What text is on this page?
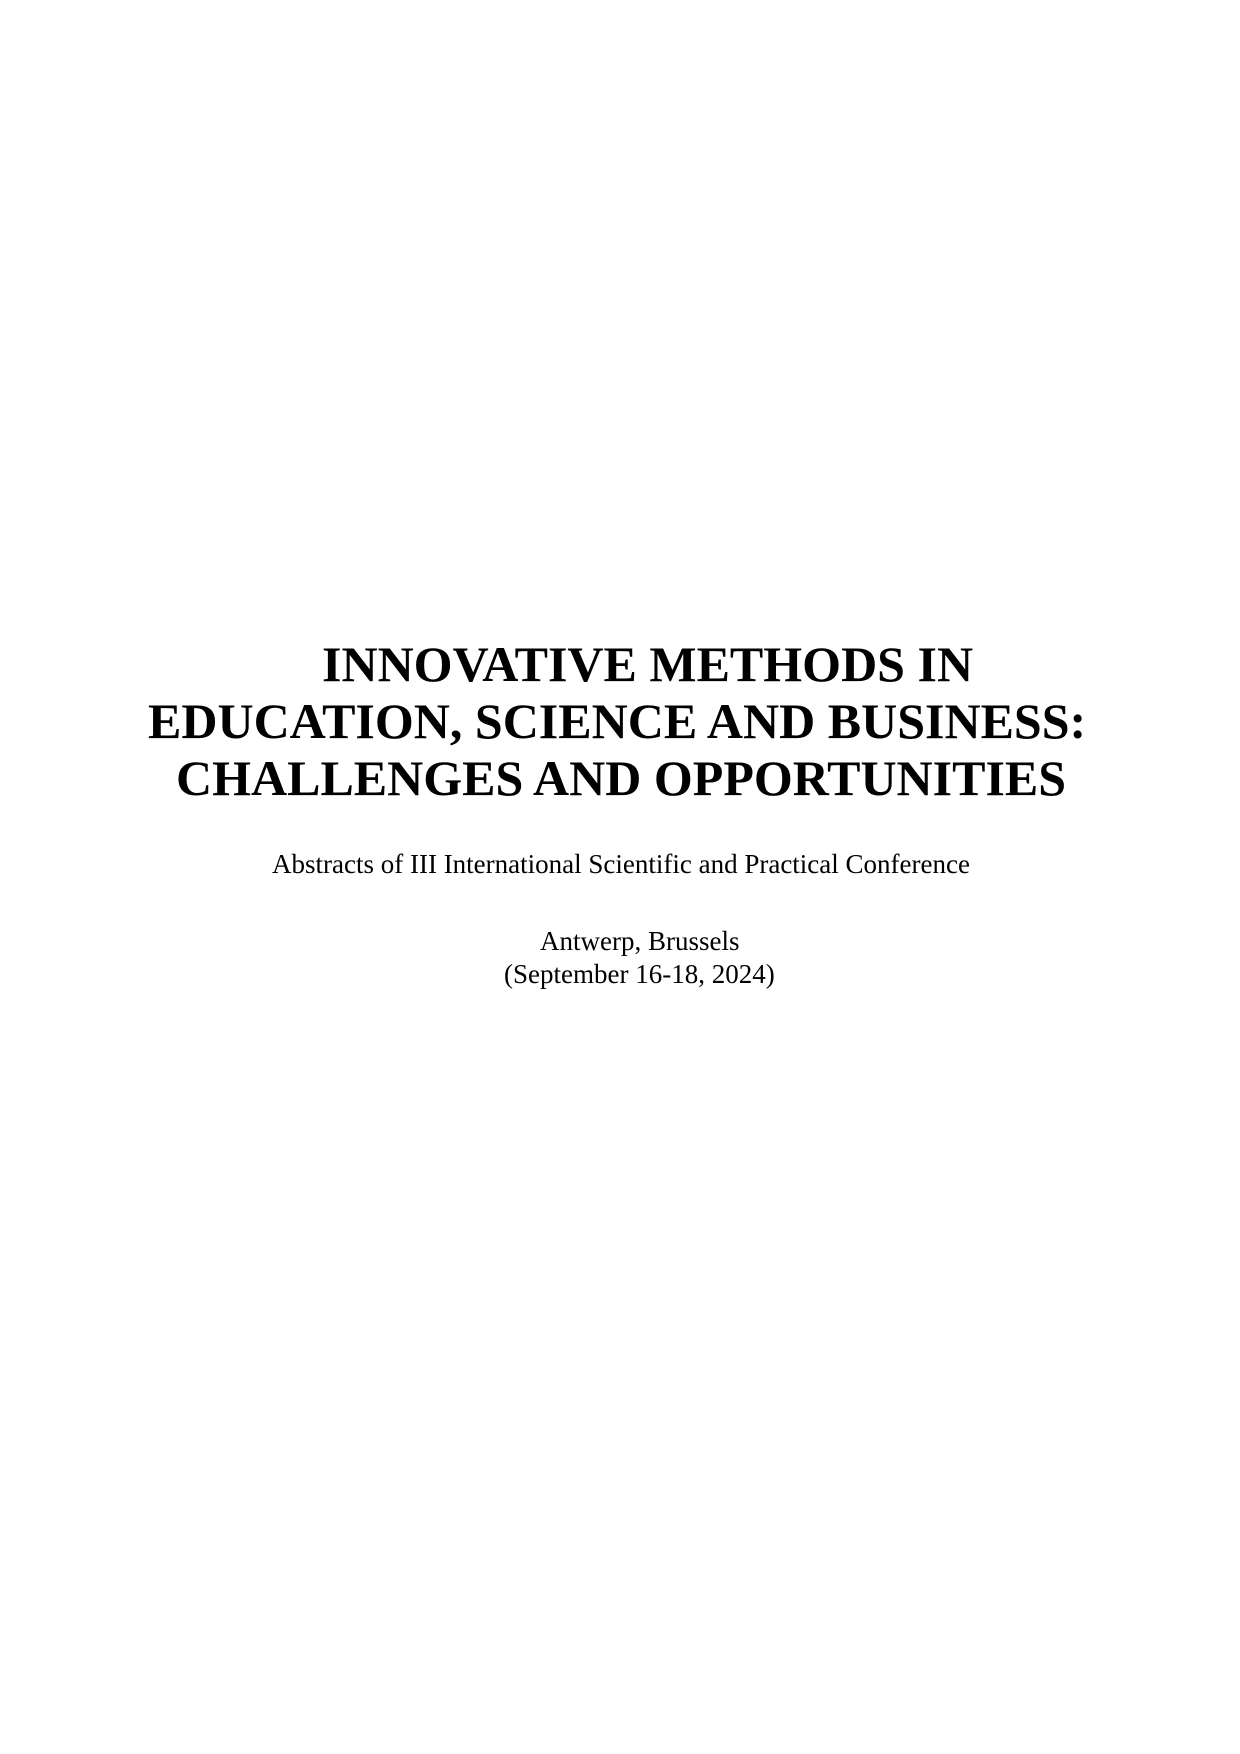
INNOVATIVE METHODS IN
EDUCATION, SCIENCE AND BUSINESS:
CHALLENGES AND OPPORTUNITIES
Abstracts of III International Scientific and Practical Conference
Antwerp, Brussels
(September 16-18, 2024)
